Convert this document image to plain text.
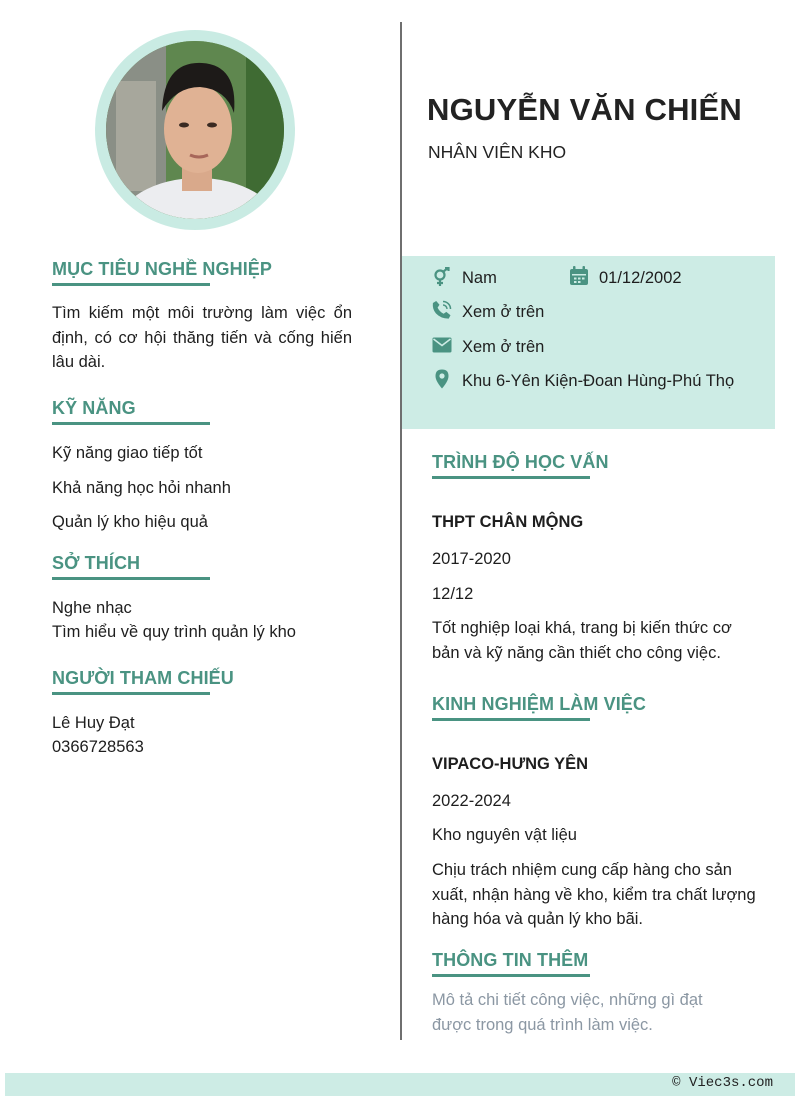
NGUYỄN VĂN CHIẾN
NHÂN VIÊN KHO
MỤC TIÊU NGHỀ NGHIỆP
Tìm kiếm một môi trường làm việc ổn định, có cơ hội thăng tiến và cống hiến lâu dài.
KỸ NĂNG
Kỹ năng giao tiếp tốt
Khả năng học hỏi nhanh
Quản lý kho hiệu quả
SỞ THÍCH
Nghe nhạc
Tìm hiểu về quy trình quản lý kho
NGƯỜI THAM CHIẾU
Lê Huy Đạt
0366728563
Nam	01/12/2002
Xem ở trên
Xem ở trên
Khu 6-Yên Kiện-Đoan Hùng-Phú Thọ
TRÌNH ĐỘ HỌC VẤN
THPT CHÂN MỘNG
2017-2020
12/12
Tốt nghiệp loại khá, trang bị kiến thức cơ bản và kỹ năng cần thiết cho công việc.
KINH NGHIỆM LÀM VIỆC
VIPACO-HƯNG YÊN
2022-2024
Kho nguyên vật liệu
Chịu trách nhiệm cung cấp hàng cho sản xuất, nhận hàng về kho, kiểm tra chất lượng hàng hóa và quản lý kho bãi.
THÔNG TIN THÊM
Mô tả chi tiết công việc, những gì đạt được trong quá trình làm việc.
© Viec3s.com
